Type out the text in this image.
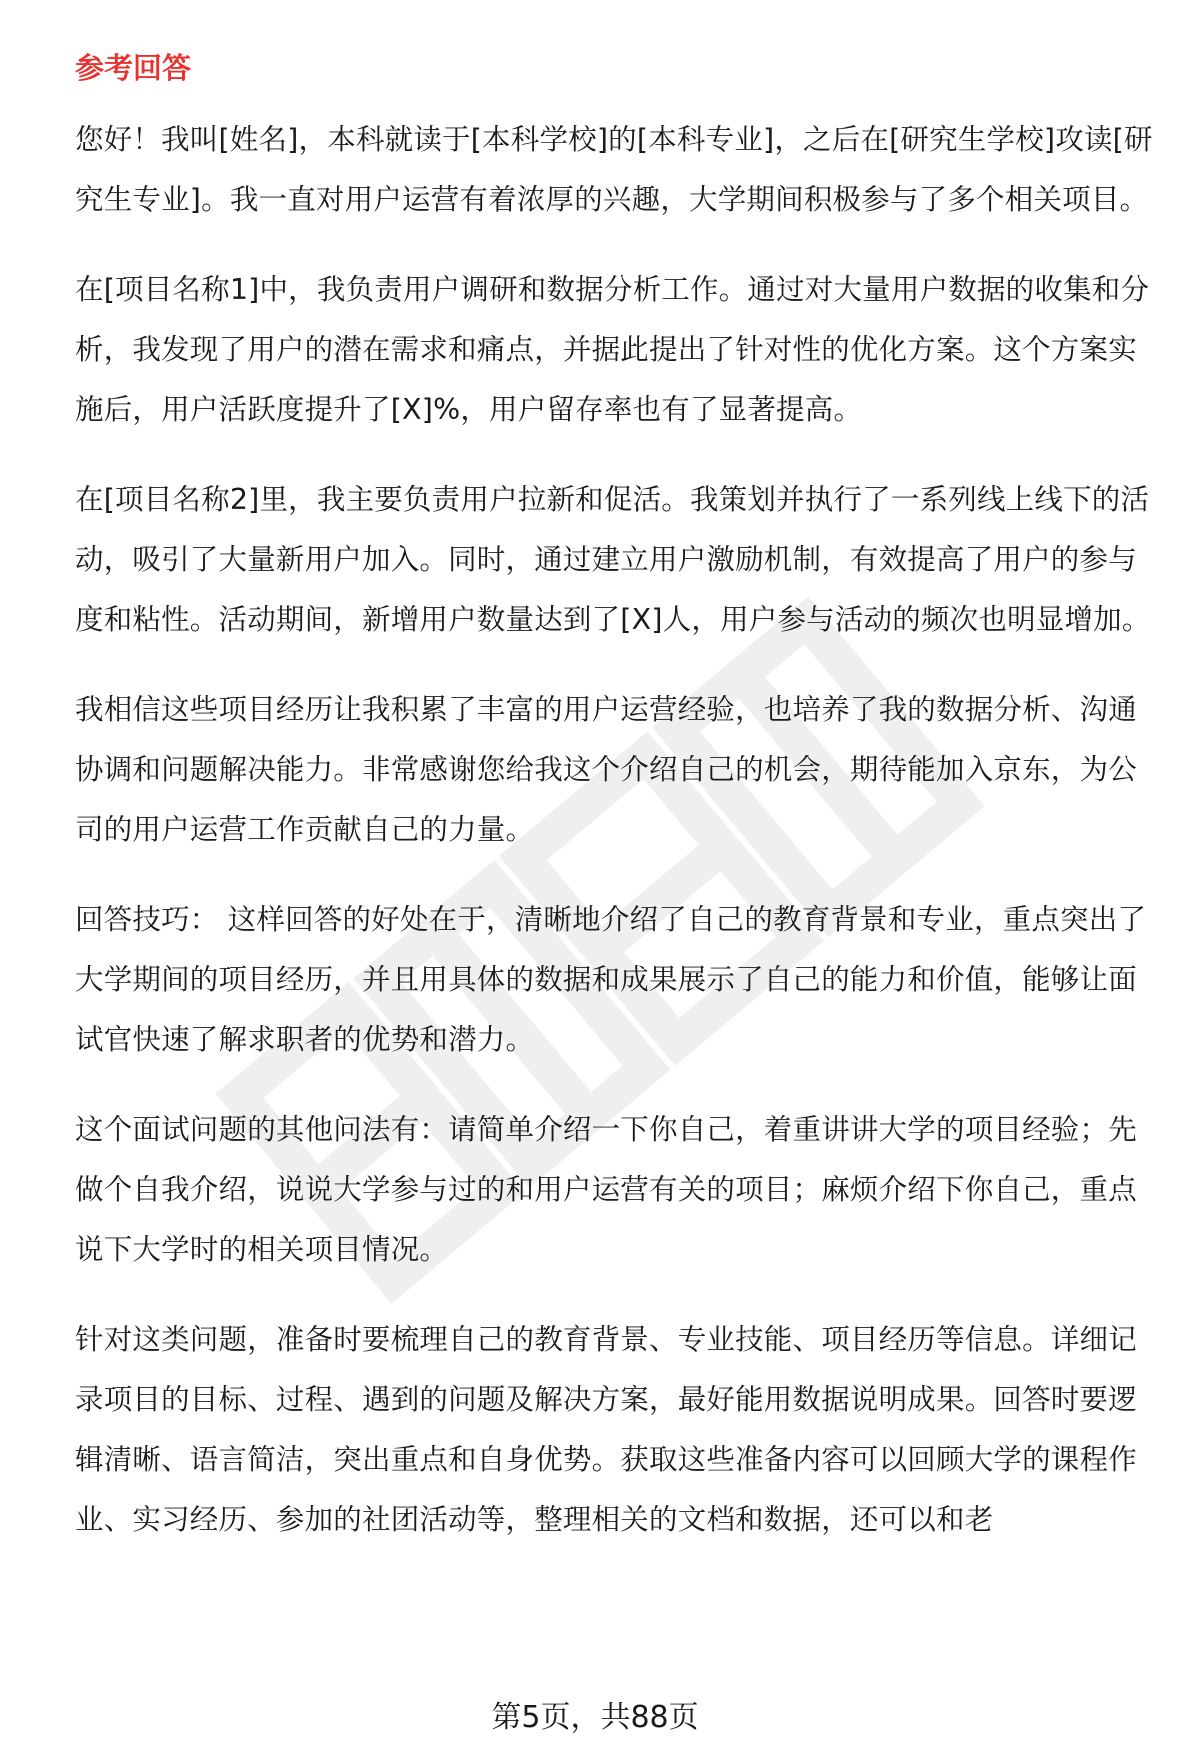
参考回答

您好！我叫[姓名]，本科就读于[本科学校]的[本科专业]，之后在[研究生学校]攻读[研究生专业]。我一直对用户运营有着浓厚的兴趣，大学期间积极参与了多个相关项目。

在[项目名称1]中，我负责用户调研和数据分析工作。通过对大量用户数据的收集和分析，我发现了用户的潜在需求和痛点，并据此提出了针对性的优化方案。这个方案实施后，用户活跃度提升了[X]%，用户留存率也有了显著提高。

在[项目名称2]里，我主要负责用户拉新和促活。我策划并执行了一系列线上线下的活动，吸引了大量新用户加入。同时，通过建立用户激励机制，有效提高了用户的参与度和粘性。活动期间，新增用户数量达到了[X]人，用户参与活动的频次也明显增加。

我相信这些项目经历让我积累了丰富的用户运营经验，也培养了我的数据分析、沟通协调和问题解决能力。非常感谢您给我这个介绍自己的机会，期待能加入京东，为公司的用户运营工作贡献自己的力量。

回答技巧： 这样回答的好处在于，清晰地介绍了自己的教育背景和专业，重点突出了大学期间的项目经历，并且用具体的数据和成果展示了自己的能力和价值，能够让面试官快速了解求职者的优势和潜力。

这个面试问题的其他问法有：请简单介绍一下你自己，着重讲讲大学的项目经验；先做个自我介绍，说说大学参与过的和用户运营有关的项目；麻烦介绍下你自己，重点说下大学时的相关项目情况。

针对这类问题，准备时要梳理自己的教育背景、专业技能、项目经历等信息。详细记录项目的目标、过程、遇到的问题及解决方案，最好能用数据说明成果。回答时要逻辑清晰、语言简洁，突出重点和自身优势。获取这些准备内容可以回顾大学的课程作业、实习经历、参加的社团活动等，整理相关的文档和数据，还可以和老

第5页，共88页
